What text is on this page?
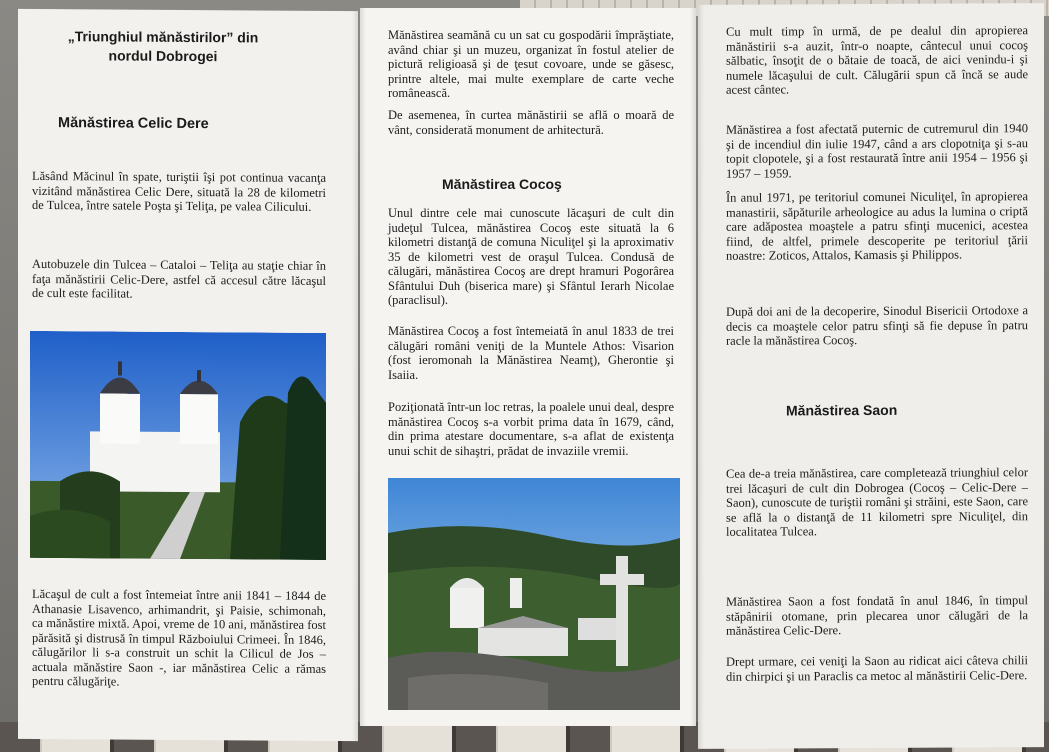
„Triunghiul mănăstirilor” din
nordul Dobrogei
Mănăstirea Celic Dere

Lăsând Măcinul în spate, turiştii îşi pot continua vacanţa vizitând mănăstirea Celic Dere, situată la 28 de kilometri de Tulcea, între satele Poşta şi Teliţa, pe valea Cilicului.

Autobuzele din Tulcea – Cataloi – Teliţa au staţie chiar în faţa mănăstirii Celic-Dere, astfel că accesul către lăcaşul de cult este facilitat.

Lăcaşul de cult a fost întemeiat între anii 1841 – 1844 de Athanasie Lisavenco, arhimandrit, şi Paisie, schimonah, ca mănăstire mixtă. Apoi, vreme de 10 ani, mănăstirea fost părăsită şi distrusă în timpul Războiului Crimeei. În 1846, călugărilor li s-a construit un schit la Cilicul de Jos – actuala mănăstire Saon -, iar mănăstirea Celic a rămas pentru călugăriţe.

Mănăstirea seamănă cu un sat cu gospodării împrăştiate, având chiar şi un muzeu, organizat în fostul atelier de pictură religioasă şi de ţesut covoare, unde se găsesc, printre altele, mai multe exemplare de carte veche românească.

De asemenea, în curtea mănăstirii se află o moară de vânt, considerată monument de arhitectură.

Mănăstirea Cocoş

Unul dintre cele mai cunoscute lăcaşuri de cult din judeţul Tulcea, mănăstirea Cocoş este situată la 6 kilometri distanţă de comuna Niculiţel şi la aproximativ 35 de kilometri vest de oraşul Tulcea. Condusă de călugări, mănăstirea Cocoş are drept hramuri Pogorârea Sfântului Duh (biserica mare) şi Sfântul Ierarh Nicolae (paraclisul).

Mănăstirea Cocoş a fost întemeiată în anul 1833 de trei călugări români veniţi de la Muntele Athos: Visarion (fost ieromonah la Mănăstirea Neamţ), Gherontie şi Isaiia.

Poziţionată într-un loc retras, la poalele unui deal, despre mănăstirea Cocoş s-a vorbit prima data în 1679, când, din prima atestare documentare, s-a aflat de existenţa unui schit de sihaştri, prădat de invaziile vremii.

Cu mult timp în urmă, de pe dealul din apropierea mănăstirii s-a auzit, într-o noapte, cântecul unui cocoş sălbatic, însoţit de o bătaie de toacă, de aici venindu-i şi numele lăcaşului de cult. Călugării spun că încă se aude acest cântec.

Mănăstirea a fost afectată puternic de cutremurul din 1940 şi de incendiul din iulie 1947, când a ars clopotniţa şi s-au topit clopotele, şi a fost restaurată între anii 1954 – 1956 şi 1957 – 1959.

În anul 1971, pe teritoriul comunei Niculiţel, în apropierea manastirii, săpăturile arheologice au adus la lumina o criptă care adăpostea moaştele a patru sfinţi mucenici, acestea fiind, de altfel, primele descoperite pe teritoriul ţării noastre: Zoticos, Attalos, Kamasis şi Philippos.

După doi ani de la decoperire, Sinodul Bisericii Ortodoxe a decis ca moaştele celor patru sfinţi să fie depuse în patru racle la mănăstirea Cocoş.

Mănăstirea Saon

Cea de-a treia mănăstirea, care completează triunghiul celor trei lăcaşuri de cult din Dobrogea (Cocoş – Celic-Dere – Saon), cunoscute de turiştii români şi străini, este Saon, care se află la o distanţă de 11 kilometri spre Niculiţel, din localitatea Tulcea.

Mănăstirea Saon a fost fondată în anul 1846, în timpul stăpânirii otomane, prin plecarea unor călugări de la mănăstirea Celic-Dere.

Drept urmare, cei veniţi la Saon au ridicat aici câteva chilii din chirpici şi un Paraclis ca metoc al mănăstirii Celic-Dere.
